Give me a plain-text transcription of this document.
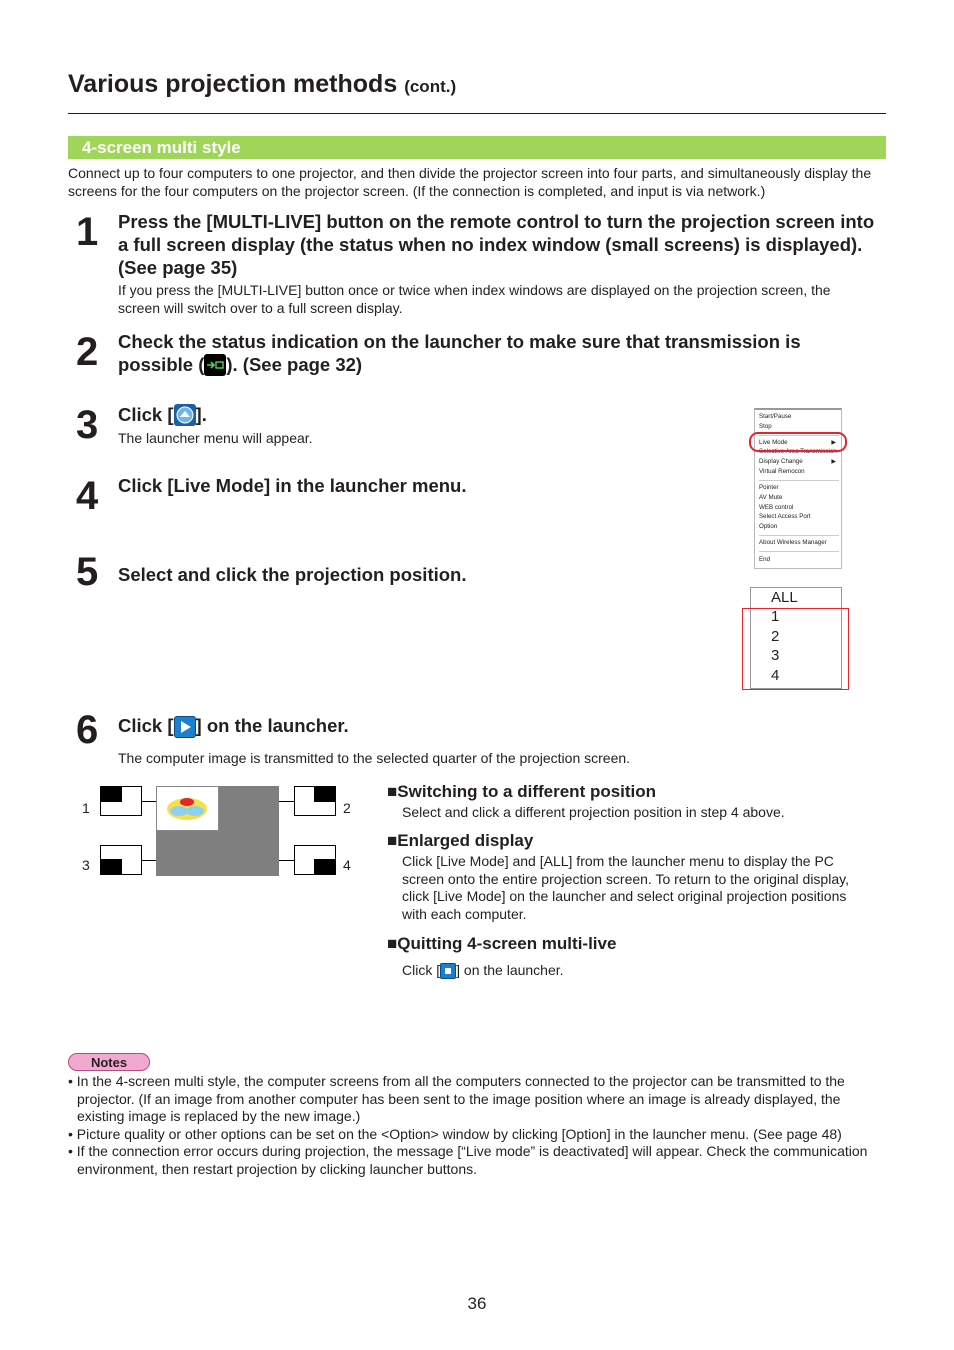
Various projection methods (cont.)
4-screen multi style
Connect up to four computers to one projector, and then divide the projector screen into four parts, and simultaneously display the screens for the four computers on the projector screen. (If the connection is completed, and input is via network.)
1 Press the [MULTI-LIVE] button on the remote control to turn the projection screen into a full screen display (the status when no index window (small screens) is displayed). (See page 35)
If you press the [MULTI-LIVE] button once or twice when index windows are displayed on the projection screen, the screen will switch over to a full screen display.
2 Check the status indication on the launcher to make sure that transmission is possible ( ). (See page 32)
3 Click [ ].
The launcher menu will appear.
4 Click [Live Mode] in the launcher menu.
5 Select and click the projection position.
Start/Pause
Stop
Live Mode	▶
Selective Area Transmission
Display Change	▶
Virtual Remocon
Pointer
AV Mute
WEB control
Select Access Port
Option
About Wireless Manager
End
ALL
1
2
3
4
6 Click [ ] on the launcher.
The computer image is transmitted to the selected quarter of the projection screen.
1	2
3	4
■Switching to a different position
Select and click a different projection position in step 4 above.
■Enlarged display
Click [Live Mode] and [ALL] from the launcher menu to display the PC screen onto the entire projection screen. To return to the original display, click [Live Mode] on the launcher and select original projection positions with each computer.
■Quitting 4-screen multi-live
Click [ ] on the launcher.
Notes
• In the 4-screen multi style, the computer screens from all the computers connected to the projector can be transmitted to the projector. (If an image from another computer has been sent to the image position where an image is already displayed, the existing image is replaced by the new image.)
• Picture quality or other options can be set on the <Option> window by clicking [Option] in the launcher menu. (See page 48)
• If the connection error occurs during projection, the message [“Live mode” is deactivated] will appear. Check the communication environment, then restart projection by clicking launcher buttons.
36
